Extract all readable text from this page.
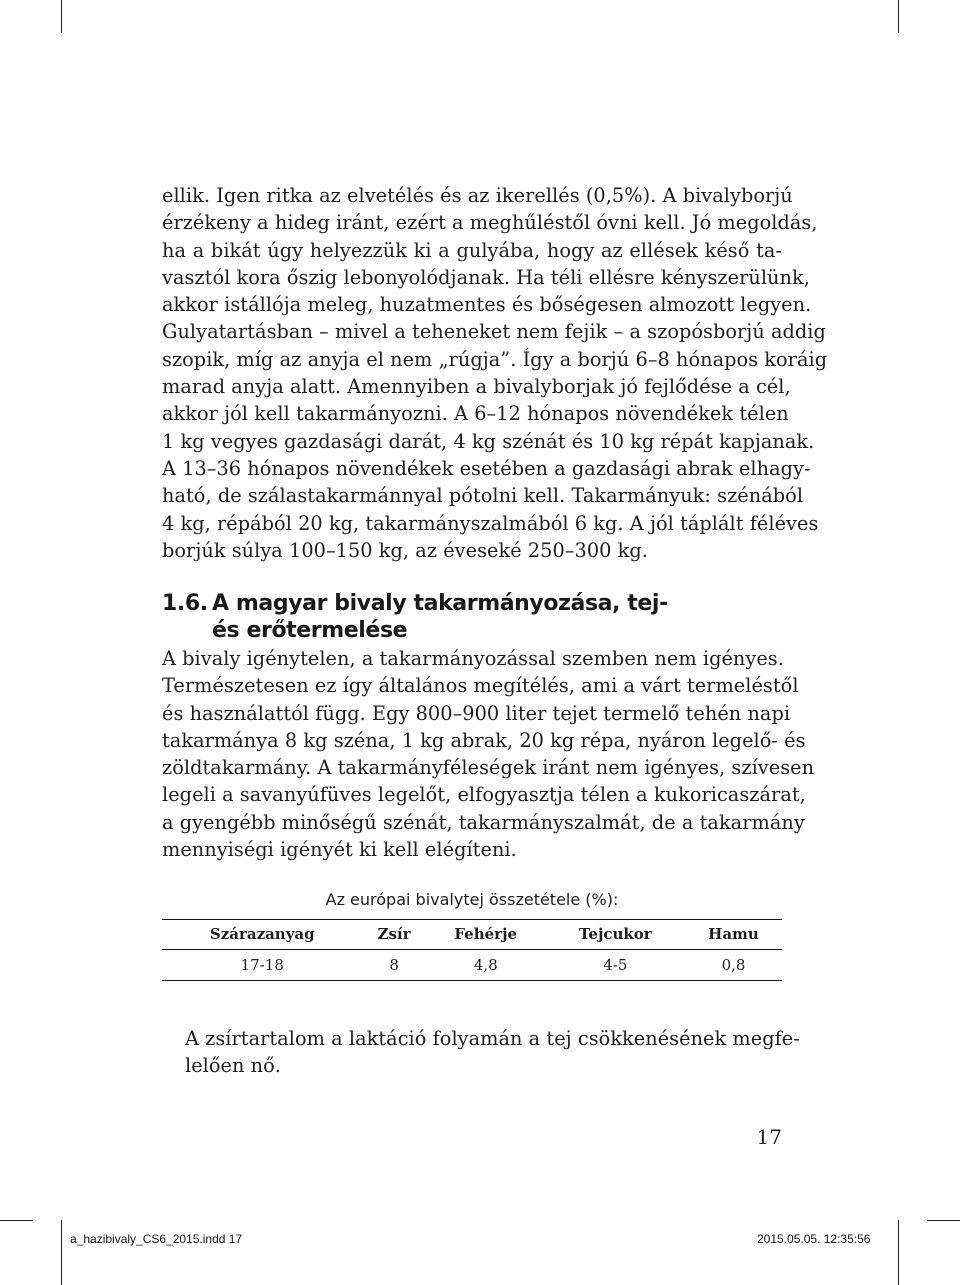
ellik. Igen ritka az elvetélés és az ikerellés (0,5%). A bivalyborjú
érzékeny a hideg iránt, ezért a meghűléstől óvni kell. Jó megoldás,
ha a bikát úgy helyezzük ki a gulyába, hogy az ellések késő ta-
vasztól kora őszig lebonyolódjanak. Ha téli ellésre kényszerülünk,
akkor istállója meleg, huzatmentes és bőségesen almozott legyen.
Gulyatartásban – mivel a teheneket nem fejik – a szopósborjú addig
szopik, míg az anyja el nem „rúgja”. Így a borjú 6–8 hónapos koráig
marad anyja alatt. Amennyiben a bivalyborjak jó fejlődése a cél,
akkor jól kell takarmányozni. A 6–12 hónapos növendékek télen
1 kg vegyes gazdasági darát, 4 kg szénát és 10 kg répát kapjanak.
A 13–36 hónapos növendékek esetében a gazdasági abrak elhagy-
ható, de szálastakarmánnyal pótolni kell. Takarmányuk: szénából
4 kg, répából 20 kg, takarmányszalmából 6 kg. A jól táplált féléves
borjúk súlya 100–150 kg, az éveseké 250–300 kg.
1.6. A magyar bivaly takarmányozása, tej-
és erőtermelése
A bivaly igénytelen, a takarmányozással szemben nem igényes.
Természetesen ez így általános megítélés, ami a várt termeléstől
és használattól függ. Egy 800–900 liter tejet termelő tehén napi
takarmánya 8 kg széna, 1 kg abrak, 20 kg répa, nyáron legelő- és
zöldtakarmány. A takarmányféleségek iránt nem igényes, szívesen
legeli a savanyúfüves legelőt, elfogyasztja télen a kukoricaszárat,
a gyengébb minőségű szénát, takarmányszalmát, de a takarmány
mennyiségi igényét ki kell elégíteni.
Az európai bivalytej összetétele (%):
Szárazanyag	Zsír	Fehérje	Tejcukor	Hamu
17-18	8	4,8	4-5	0,8
A zsírtartalom a laktáció folyamán a tej csökkenésének megfe-
lelően nő.
17
a_hazibivaly_CS6_2015.indd 17	2015.05.05. 12:35:56
